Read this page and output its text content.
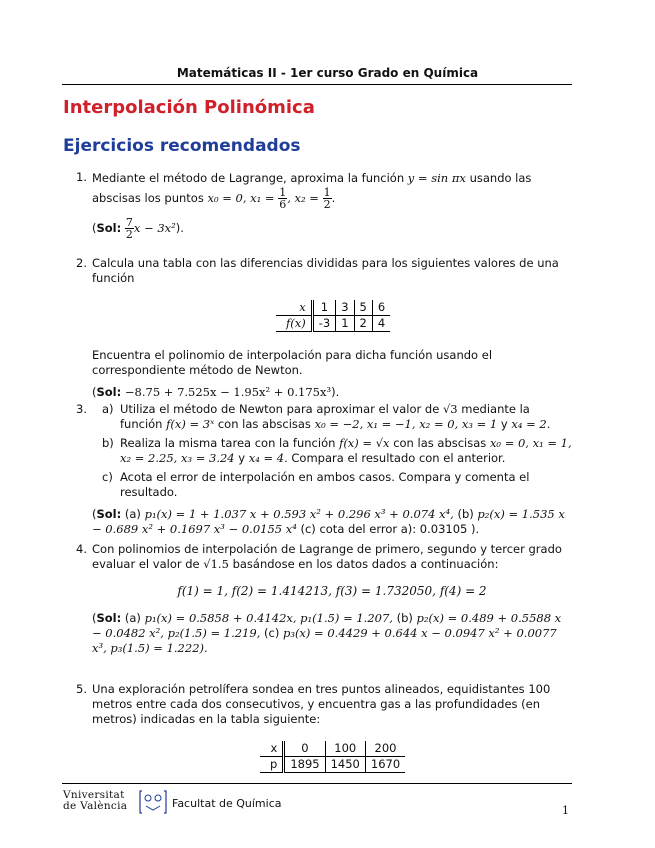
Matemáticas II - 1er curso Grado en Química
Interpolación Polinómica
Ejercicios recomendados
1. Mediante el método de Lagrange, aproxima la función y = sin πx usando las abscisas los puntos x₀ = 0, $x_1 = \frac{1}{6}$ , $x_2 = \frac{1}{2}$ .
(Sol: $\frac{7}{2}$ x − 3x²).
2. Calcula una tabla con las diferencias divididas para los siguientes valores de una función
x	1	3	5	6
f(x)	-3	1	2	4
Encuentra el polinomio de interpolación para dicha función usando el correspondiente método de Newton.
(Sol: −8.75 + 7.525x − 1.95x² + 0.175x³).
3. a) Utiliza el método de Newton para aproximar el valor de √3 mediante la función f(x) = 3ˣ con las abscisas x₀ = −2, x₁ = −1, x₂ = 0, x₃ = 1 y x₄ = 2.
b) Realiza la misma tarea con la función f(x) = √x con las abscisas x₀ = 0, x₁ = 1, x₂ = 2.25, x₃ = 3.24 y x₄ = 4. Compara el resultado con el anterior.
c) Acota el error de interpolación en ambos casos. Compara y comenta el resultado.
(Sol: (a) p₁(x) = 1 + 1.037 x + 0.593 x² + 0.296 x³ + 0.074 x⁴, (b) p₂(x) = 1.535 x − 0.689 x² + 0.1697 x³ − 0.0155 x⁴ (c) cota del error a): 0.03105 ).
4. Con polinomios de interpolación de Lagrange de primero, segundo y tercer grado evaluar el valor de √1.5 basándose en los datos dados a continuación:
f(1) = 1, f(2) = 1.414213, f(3) = 1.732050, f(4) = 2
(Sol: (a) p₁(x) = 0.5858 + 0.4142x, p₁(1.5) = 1.207, (b) p₂(x) = 0.489 + 0.5588 x − 0.0482 x², p₂(1.5) = 1.219, (c) p₃(x) = 0.4429 + 0.644 x − 0.0947 x² + 0.0077 x³, p₃(1.5) = 1.222).
5. Una exploración petrolífera sondea en tres puntos alineados, equidistantes 100 metros entre cada dos consecutivos, y encuentra gas a las profundidades (en metros) indicadas en la tabla siguiente:
x	0	100	200
p	1895	1450	1670
Vniversitat
de València	Facultat de Química
1
